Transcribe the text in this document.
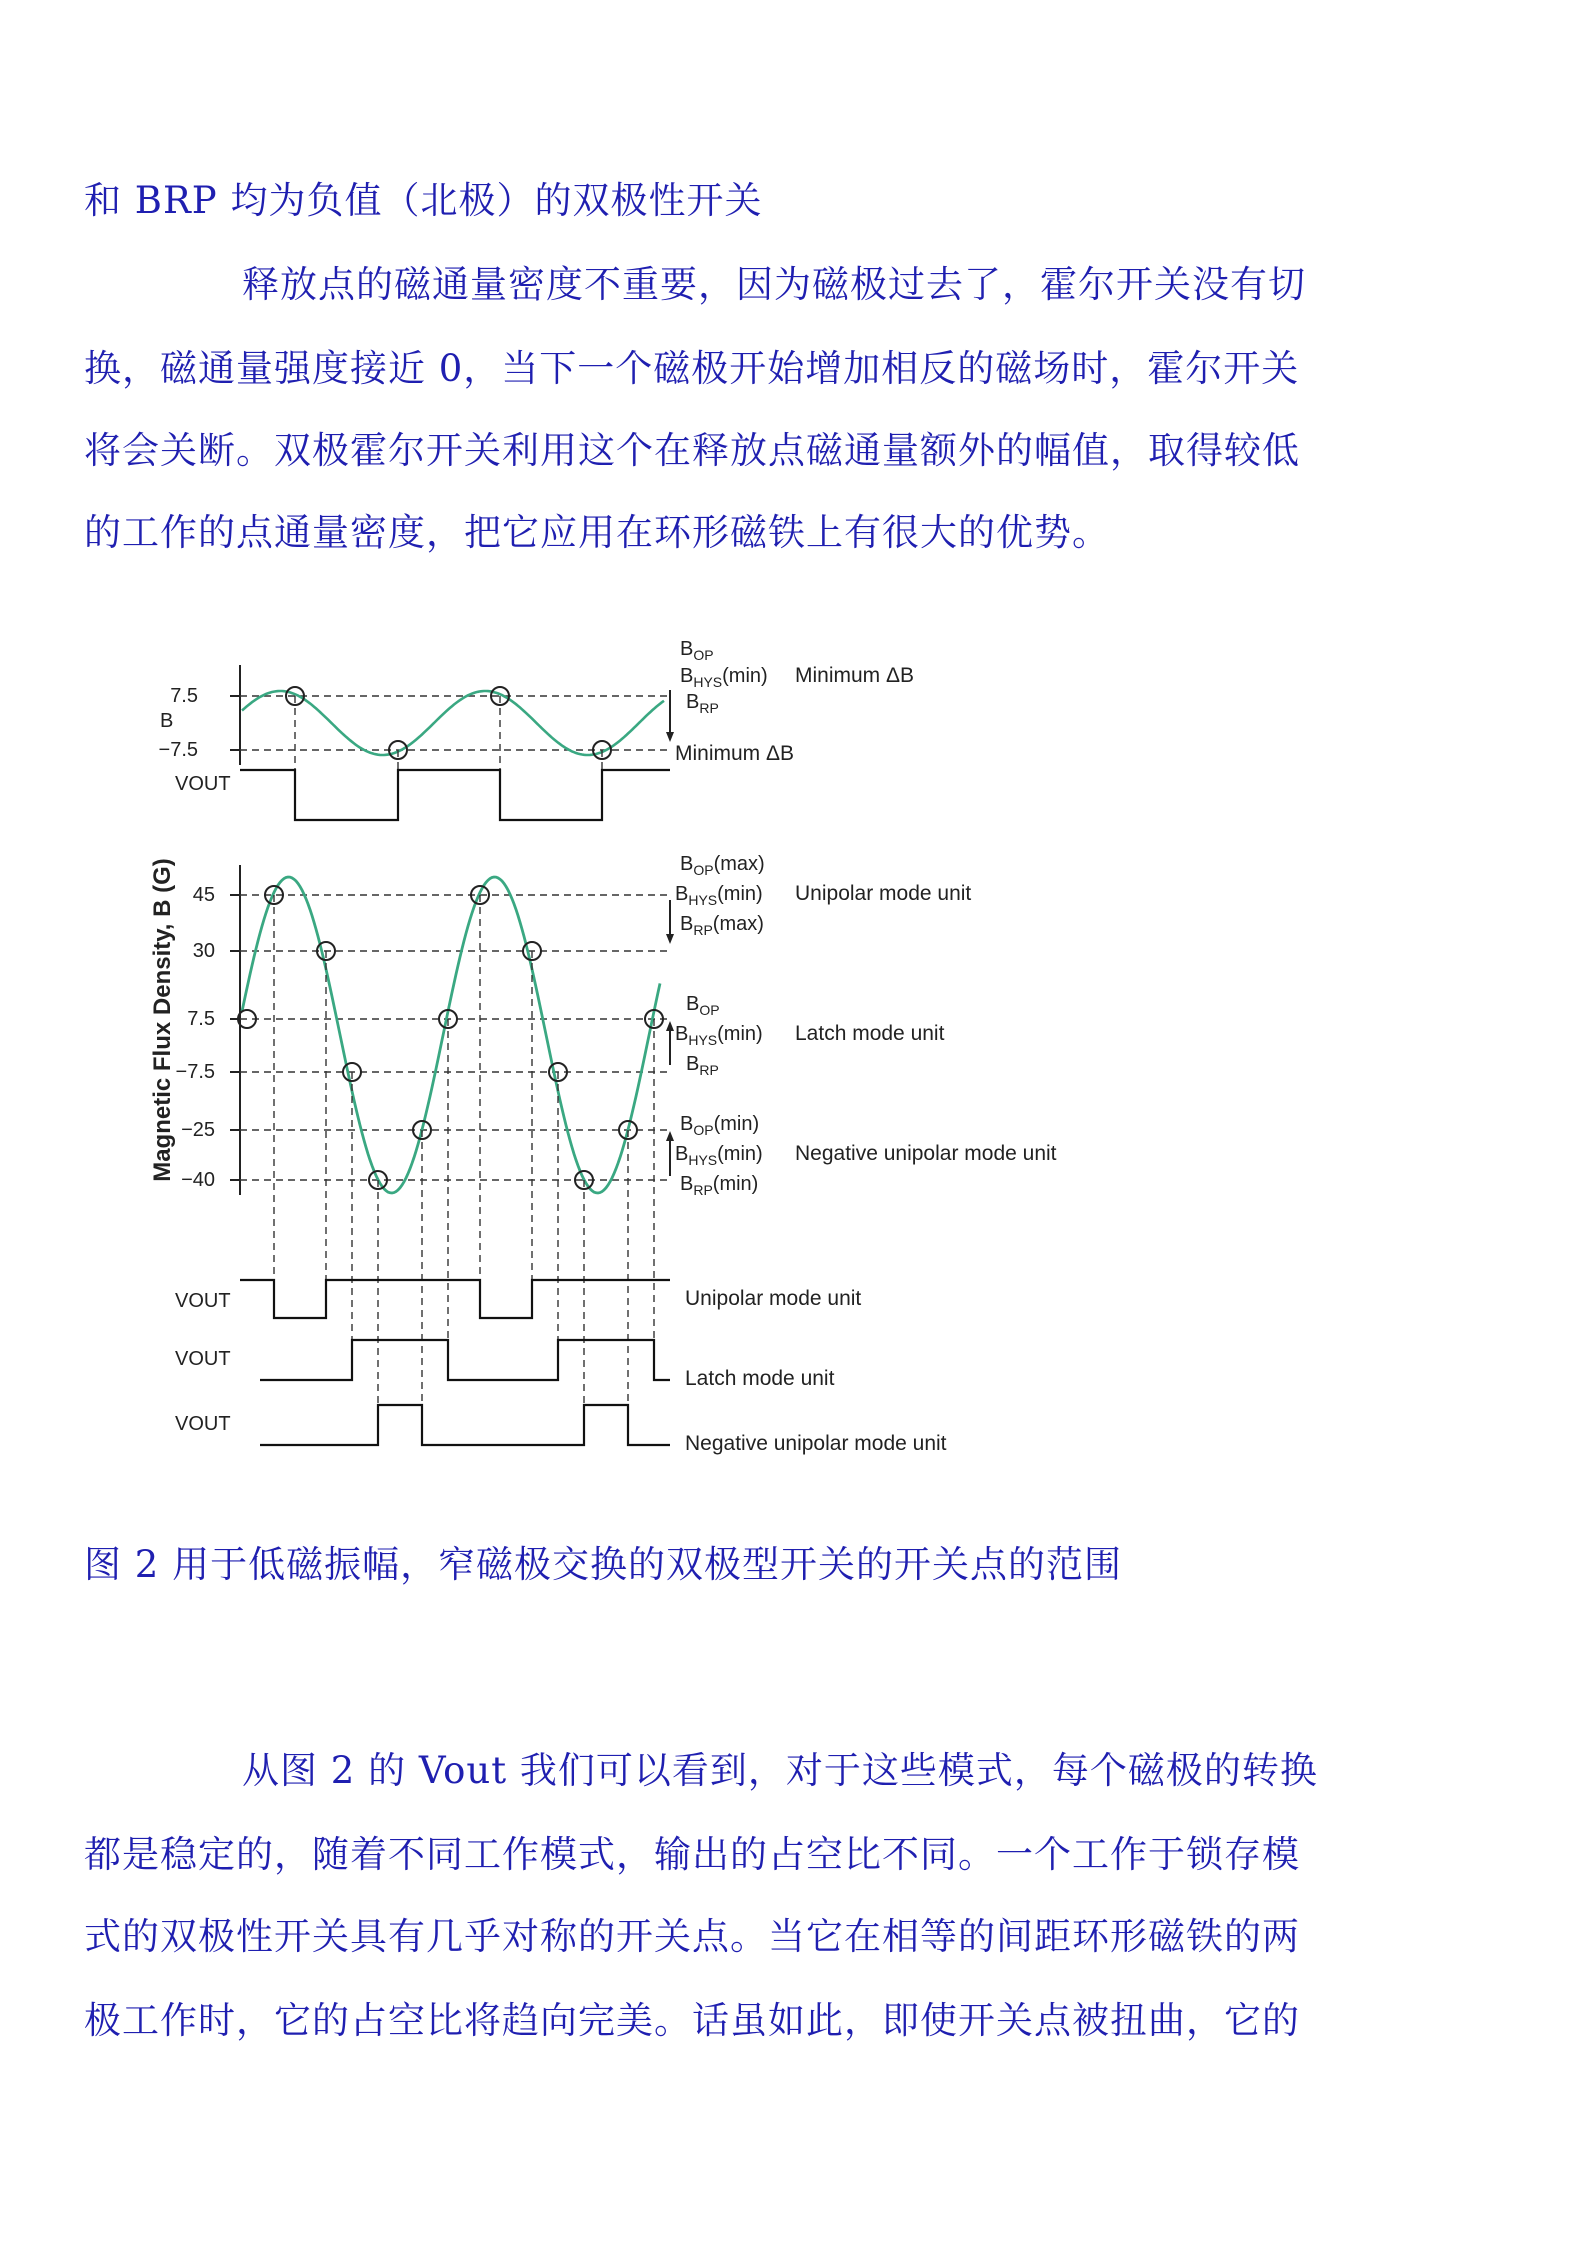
和 BRP 均为负值（北极）的双极性开关
释放点的磁通量密度不重要，因为磁极过去了，霍尔开关没有切
换，磁通量强度接近 0，当下一个磁极开始增加相反的磁场时，霍尔开关
将会关断。双极霍尔开关利用这个在释放点磁通量额外的幅值，取得较低
的工作的点通量密度，把它应用在环形磁铁上有很大的优势。
B
7.5
−7.5
$B_{OP}$
$B_{HYS}(\min)$ Minimum ΔB
$B_{RP}$
Minimum ΔB
VOUT
Magnetic Flux Density, B (G) 45
30
7.5
−7.5
−25
−40
$B_{OP}(\max)$
$B_{HYS}(\min)$ Unipolar mode unit
$B_{RP}(\max)$
$B_{OP}$
$B_{HYS}(\min)$ Latch mode unit
$B_{RP}$
$B_{OP}(\min)$
$B_{HYS}(\min)$ Negative unipolar mode unit
$B_{RP}(\min)$
VOUT	Unipolar mode unit
VOUT
Latch mode unit
VOUT
Negative unipolar mode unit
图 2 用于低磁振幅，窄磁极交换的双极型开关的开关点的范围
从图 2 的 Vout 我们可以看到，对于这些模式，每个磁极的转换
都是稳定的，随着不同工作模式，输出的占空比不同。一个工作于锁存模
式的双极性开关具有几乎对称的开关点。当它在相等的间距环形磁铁的两
极工作时，它的占空比将趋向完美。话虽如此，即使开关点被扭曲，它的
